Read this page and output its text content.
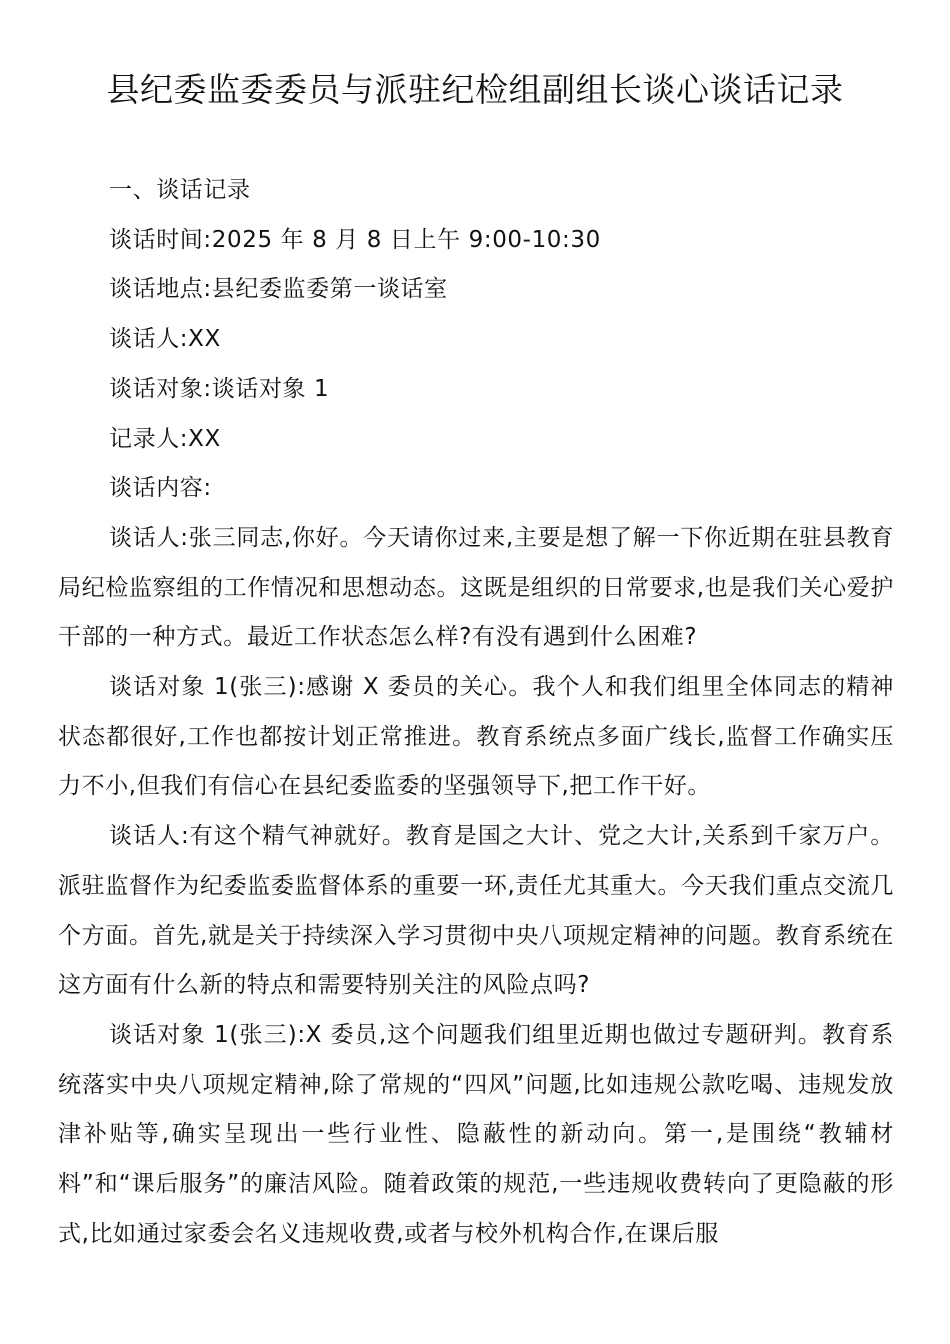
县纪委监委委员与派驻纪检组副组长谈心谈话记录

一、谈话记录

谈话时间:2025 年 8 月 8 日上午 9:00-10:30

谈话地点:县纪委监委第一谈话室

谈话人:XX

谈话对象:谈话对象 1

记录人:XX

谈话内容:

谈话人:张三同志,你好。今天请你过来,主要是想了解一下你近期在驻县教育局纪检监察组的工作情况和思想动态。这既是组织的日常要求,也是我们关心爱护干部的一种方式。最近工作状态怎么样?有没有遇到什么困难?

谈话对象 1(张三):感谢 X 委员的关心。我个人和我们组里全体同志的精神状态都很好,工作也都按计划正常推进。教育系统点多面广线长,监督工作确实压力不小,但我们有信心在县纪委监委的坚强领导下,把工作干好。

谈话人:有这个精气神就好。教育是国之大计、党之大计,关系到千家万户。派驻监督作为纪委监委监督体系的重要一环,责任尤其重大。今天我们重点交流几个方面。首先,就是关于持续深入学习贯彻中央八项规定精神的问题。教育系统在这方面有什么新的特点和需要特别关注的风险点吗?

谈话对象 1(张三):X 委员,这个问题我们组里近期也做过专题研判。教育系统落实中央八项规定精神,除了常规的“四风”问题,比如违规公款吃喝、违规发放津补贴等,确实呈现出一些行业性、隐蔽性的新动向。第一,是围绕“教辅材料”和“课后服务”的廉洁风险。随着政策的规范,一些违规收费转向了更隐蔽的形式,比如通过家委会名义违规收费,或者与校外机构合作,在课后服
